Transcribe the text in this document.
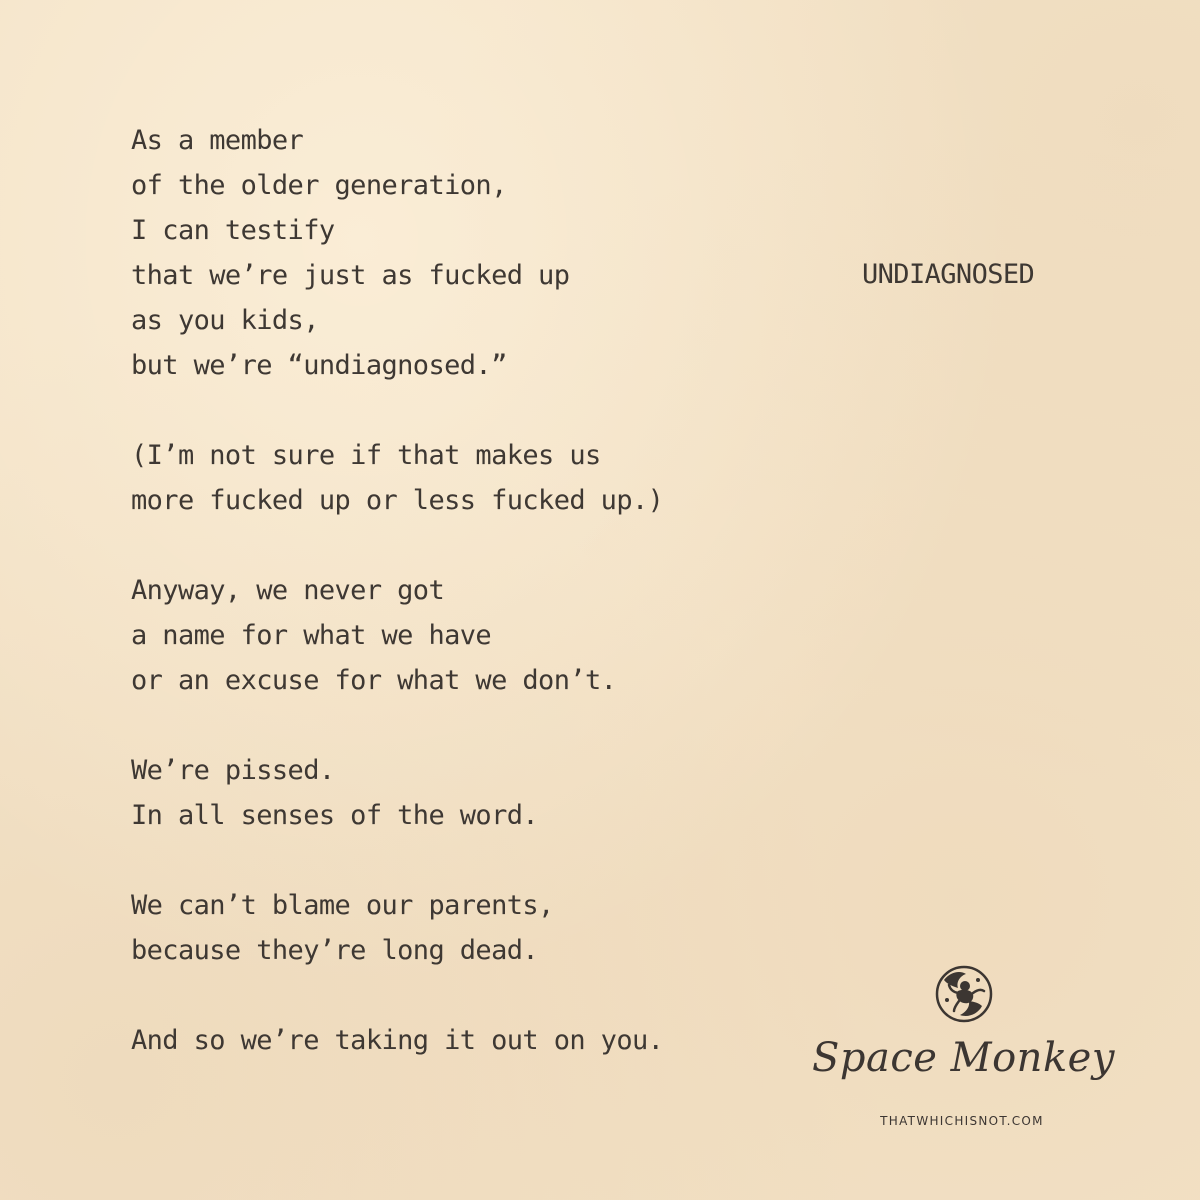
As a member
of the older generation,
I can testify
that we’re just as fucked up
as you kids,
but we’re “undiagnosed.”
(I’m not sure if that makes us
more fucked up or less fucked up.)
Anyway, we never got
a name for what we have
or an excuse for what we don’t.
We’re pissed.
In all senses of the word.
We can’t blame our parents,
because they’re long dead.
And so we’re taking it out on you.
UNDIAGNOSED
Space Monkey
THATWHICHISNOT.COM
